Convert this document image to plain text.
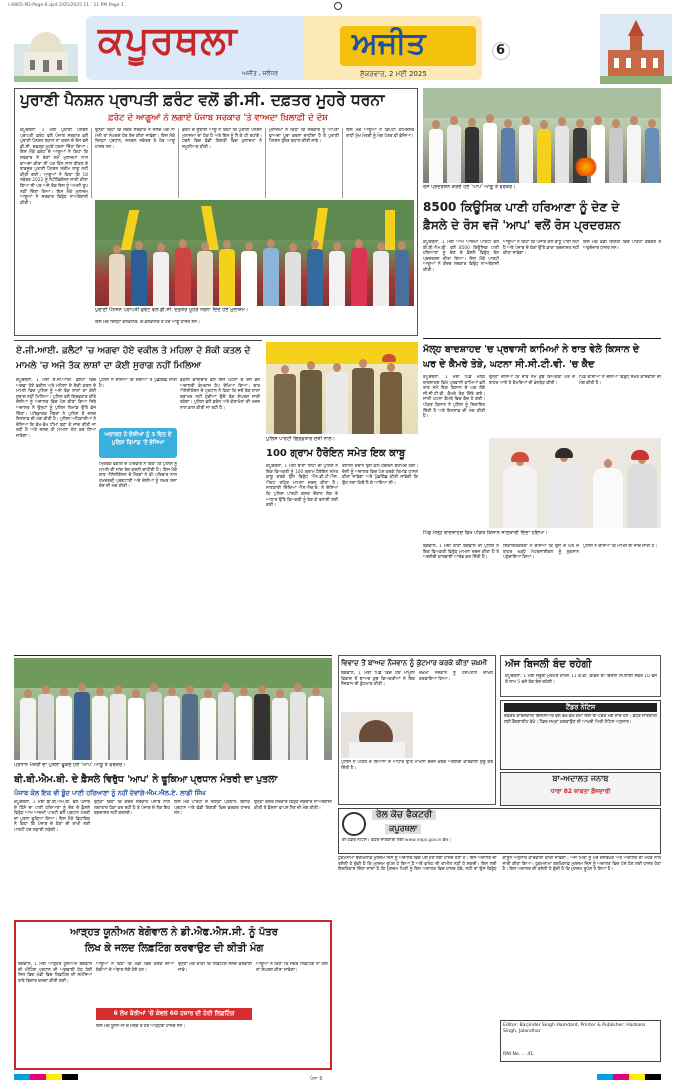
(-0805-PD-Page-6.qxd 2/05/2025 11 : 11 PM Page 1
ਕਪੂਰਥਲਾ	ਅਜੀਤ
ਅਜੀਤ , ਜਲੰਧਰ	ਸ਼ੁੱਕਰਵਾਰ, 2 ਮਈ 2025
6
ਪੁਰਾਣੀ ਪੈਨਸ਼ਨ ਪ੍ਰਾਪਤੀ ਫ਼ਰੰਟ ਵਲੋਂ ਡੀ.ਸੀ. ਦਫ਼ਤਰ ਮੂਹਰੇ ਧਰਨਾ
ਫ਼ਰੰਟ ਦੇ ਆਗੂਆਂ ਨੇ ਲਗਾਏ ਪੰਜਾਬ ਸਰਕਾਰ 'ਤੇ ਵਾਅਦਾ ਖ਼ਿਲਾਫ਼ੀ ਦੇ ਦੋਸ਼
ਕਪੂਰਥਲਾ, 1 ਮਈ ਪੁਰਾਣੀ ਪੈਨਸ਼ਨ ਪ੍ਰਾਪਤੀ ਫ਼ਰੰਟ ਵਲੋਂ ਪੰਜਾਬ ਸਰਕਾਰ ਵਲੋਂ ਪੁਰਾਣੀ ਪੈਨਸ਼ਨ ਬਹਾਲ ਨਾ ਕਰਨ ਦੇ ਰੋਸ ਵਜੋਂ ਡੀ.ਸੀ. ਦਫ਼ਤਰ ਮੂਹਰੇ ਧਰਨਾ ਦਿੱਤਾ ਗਿਆ। ਇਸ ਮੌਕੇ ਫ਼ਰੰਟ ਦੇ ਆਗੂਆਂ ਨੇ ਕਿਹਾ ਕਿ ਸਰਕਾਰ ਨੇ ਚੋਣਾਂ ਸਮੇਂ ਮੁਲਾਜ਼ਮਾਂ ਨਾਲ ਵਾਅਦਾ ਕੀਤਾ ਸੀ ਪਰ ਤਿੰਨ ਸਾਲ ਬੀਤਣ ਦੇ ਬਾਵਜੂਦ ਪੁਰਾਣੀ ਪੈਨਸ਼ਨ ਸਕੀਮ ਲਾਗੂ ਨਹੀਂ ਕੀਤੀ ਗਈ। ਆਗੂਆਂ ਨੇ ਕਿਹਾ ਕਿ 18 ਨਵੰਬਰ 2022 ਨੂੰ ਨੋਟੀਫ਼ਿਕੇਸ਼ਨ ਜਾਰੀ ਕੀਤਾ ਗਿਆ ਸੀ ਪਰ ਅਜੇ ਤੱਕ ਇਸ ਨੂੰ ਅਮਲੀ ਰੂਪ ਨਹੀਂ ਦਿੱਤਾ ਗਿਆ। ਇਸ ਮੌਕੇ ਮੁਲਾਜ਼ਮ ਆਗੂਆਂ ਨੇ ਸਰਕਾਰ ਵਿਰੁੱਧ ਨਾਅਰੇਬਾਜ਼ੀ ਕੀਤੀ।
ਉਨ੍ਹਾਂ ਕਿਹਾ ਕਿ ਜੇਕਰ ਸਰਕਾਰ ਨੇ ਜਲਦ ਮੰਗ ਨਾ ਮੰਨੀ ਤਾਂ ਸੰਘਰਸ਼ ਹੋਰ ਤੇਜ਼ ਕੀਤਾ ਜਾਵੇਗਾ। ਇਸ ਮੌਕੇ ਜ਼ਿਲ੍ਹਾ ਪ੍ਰਧਾਨ, ਜਨਰਲ ਸਕੱਤਰ ਤੇ ਹੋਰ ਆਗੂ ਹਾਜ਼ਰ ਸਨ।
ਫ਼ਰੰਟ ਦੇ ਸੂਬਾਈ ਆਗੂ ਨੇ ਕਿਹਾ ਕਿ ਪੁਰਾਣੀ ਪੈਨਸ਼ਨ ਮੁਲਾਜ਼ਮਾਂ ਦਾ ਹੱਕ ਹੈ ਅਤੇ ਇਸ ਨੂੰ ਲੈ ਕੇ ਹੀ ਰਹਾਂਗੇ। ਧਰਨੇ ਵਿਚ ਵੱਡੀ ਗਿਣਤੀ ਵਿਚ ਮੁਲਾਜ਼ਮਾਂ ਨੇ ਸ਼ਮੂਲੀਅਤ ਕੀਤੀ।
ਮੁਲਾਜ਼ਮਾਂ ਨੇ ਕਿਹਾ ਕਿ ਸਰਕਾਰ ਨੂੰ ਆਪਣਾ ਵਾਅਦਾ ਪੂਰਾ ਕਰਨਾ ਚਾਹੀਦਾ ਹੈ ਤੇ ਪੁਰਾਣੀ ਪੈਨਸ਼ਨ ਤੁਰੰਤ ਬਹਾਲ ਕੀਤੀ ਜਾਵੇ।
ਇਸ ਮੌਕੇ ਆਗੂਆਂ ਨੇ ਡਿਪਟੀ ਕਮਿਸ਼ਨਰ ਰਾਹੀਂ ਮੁੱਖ ਮੰਤਰੀ ਨੂੰ ਮੰਗ ਪੱਤਰ ਵੀ ਭੇਜਿਆ।
ਪੁਰਾਣੀ ਪੈਨਸ਼ਨ ਪ੍ਰਾਪਤੀ ਫ਼ਰੰਟ ਵਲੋਂ ਡੀ.ਸੀ. ਦਫ਼ਤਰ ਮੂਹਰੇ ਧਰਨਾ ਦਿੰਦੇ ਹੋਏ ਮੁਲਾਜ਼ਮ।
ਇਸ ਮੌਕੇ ਜ਼ਿਲ੍ਹਾ ਕਨਵੀਨਰ, ਕੋ-ਕਨਵੀਨਰ ਤੇ ਹੋਰ ਆਗੂ ਹਾਜ਼ਰ ਸਨ।
ਰੋਸ ਪ੍ਰਦਰਸ਼ਨ ਕਰਦੇ ਹੋਏ 'ਆਪ' ਆਗੂ ਤੇ ਵਰਕਰ।
8500 ਕਿਊਸਿਕ ਪਾਣੀ ਹਰਿਆਣਾ ਨੂੰ ਦੇਣ ਦੇ
ਫ਼ੈਸਲੇ ਦੇ ਰੋਸ ਵਜੋਂ 'ਆਪ' ਵਲੋਂ ਰੋਸ ਪ੍ਰਦਰਸ਼ਨ
ਕਪੂਰਥਲਾ, 1 ਮਈ ਆਮ ਆਦਮੀ ਪਾਰਟੀ ਵਲੋਂ ਬੀ.ਬੀ.ਐਮ.ਬੀ. ਵਲੋਂ 8500 ਕਿਊਸਿਕ ਪਾਣੀ ਹਰਿਆਣਾ ਨੂੰ ਦੇਣ ਦੇ ਫ਼ੈਸਲੇ ਵਿਰੁੱਧ ਰੋਸ ਪ੍ਰਦਰਸ਼ਨ ਕੀਤਾ ਗਿਆ। ਇਸ ਮੌਕੇ ਪਾਰਟੀ ਆਗੂਆਂ ਨੇ ਕੇਂਦਰ ਸਰਕਾਰ ਵਿਰੁੱਧ ਨਾਅਰੇਬਾਜ਼ੀ ਕੀਤੀ।
ਆਗੂਆਂ ਨੇ ਕਿਹਾ ਕਿ ਪੰਜਾਬ ਕੋਲ ਵਾਧੂ ਪਾਣੀ ਨਹੀਂ ਹੈ ਅਤੇ ਪੰਜਾਬ ਦੇ ਹੱਕਾਂ ਉੱਤੇ ਡਾਕਾ ਬਰਦਾਸ਼ਤ ਨਹੀਂ ਕੀਤਾ ਜਾਵੇਗਾ।
ਇਸ ਮੌਕੇ ਵੱਡੀ ਗਿਣਤੀ ਵਿਚ ਪਾਰਟੀ ਵਰਕਰ ਤੇ ਅਹੁਦੇਦਾਰ ਹਾਜ਼ਰ ਸਨ।
ਮੱਲ੍ਹ ਬਾਦਸ਼ਾਹਦ 'ਚ ਪ੍ਰਵਾਸੀ ਕਾਮਿਆਂ ਨੇ ਰਾਤ ਵੇਲੇ ਕਿਸਾਨ ਦੇ
ਘਰ ਦੇ ਕੈਮਰੇ ਤੋੜੇ, ਘਟਨਾ ਸੀ.ਸੀ.ਟੀ.ਵੀ. 'ਚ ਕੈਦ
ਕਪੂਰਥਲਾ, 1 ਮਈ ਪਿੰਡ ਮੱਲ੍ਹ ਬਾਦਸ਼ਾਹਦ ਵਿਖੇ ਪ੍ਰਵਾਸੀ ਕਾਮਿਆਂ ਵਲੋਂ ਰਾਤ ਸਮੇਂ ਇਕ ਕਿਸਾਨ ਦੇ ਘਰ ਲੱਗੇ ਸੀ.ਸੀ.ਟੀ.ਵੀ. ਕੈਮਰੇ ਤੋੜ ਦਿੱਤੇ ਗਏ। ਸਾਰੀ ਘਟਨਾ ਕੈਮਰੇ ਵਿਚ ਕੈਦ ਹੋ ਗਈ। ਪੀੜਤ ਕਿਸਾਨ ਨੇ ਪੁਲਿਸ ਨੂੰ ਸ਼ਿਕਾਇਤ ਦਿੱਤੀ ਹੈ ਅਤੇ ਇਨਸਾਫ਼ ਦੀ ਮੰਗ ਕੀਤੀ ਹੈ।
ਉਨ੍ਹਾਂ ਦੱਸਿਆ ਕਿ ਰਾਤ ਸਮੇਂ ਕੁਝ ਵਿਅਕਤੀ ਘਰ ਦੇ ਬਾਹਰ ਆਏ ਤੇ ਕੈਮਰਿਆਂ ਦੀ ਭੰਨਤੋੜ ਕੀਤੀ।
ਪਿੰਡ ਵਾਸੀਆਂ ਨੇ ਦੋਸ਼ੀਆਂ ਵਿਰੁੱਧ ਸਖ਼ਤ ਕਾਰਵਾਈ ਦੀ ਮੰਗ ਕੀਤੀ ਹੈ।
ਪਿੰਡ ਮੱਲ੍ਹ ਬਾਦਸ਼ਾਹਦ ਵਿਖੇ ਪੀੜਤ ਕਿਸਾਨ ਜਾਣਕਾਰੀ ਦਿੰਦਾ ਹੋਇਆ।
ਬੇਗੋਵਾਲ, 1 ਮਈ ਥਾਣਾ ਬੇਗੋਵਾਲ ਦੀ ਪੁਲਿਸ ਨੇ ਇਕ ਵਿਅਕਤੀ ਵਿਰੁੱਧ ਮਾਮਲਾ ਦਰਜ ਕੀਤਾ ਹੈ ਤੇ ਅਗਲੇਰੀ ਕਾਰਵਾਈ ਆਰੰਭ ਕਰ ਦਿੱਤੀ ਹੈ।
ਸ਼ਿਕਾਇਤਕਰਤਾ ਨੇ ਦੱਸਿਆ ਕਿ ਉਸ ਦੇ ਘਰ ਦੇ ਬਾਹਰ ਖੜ੍ਹੇ ਮੋਟਰਸਾਈਕਲ ਨੂੰ ਨੁਕਸਾਨ ਪਹੁੰਚਾਇਆ ਗਿਆ।
ਪੁਲਿਸ ਨੇ ਦੱਸਿਆ ਕਿ ਮਾਮਲੇ ਦੀ ਜਾਂਚ ਜਾਰੀ ਹੈ।
ਏ.ਜੀ.ਆਈ. ਫ਼ਲੈਟਾਂ 'ਚ ਅਗਵਾ ਹੋਏ ਵਕੀਲ ਤੇ ਮਹਿਲਾ ਦੇ ਸ਼ੱਕੀ ਕਤਲ ਦੇ
ਮਾਮਲੇ 'ਚ ਅਜੇ ਤੱਕ ਲਾਸ਼ਾਂ ਦਾ ਕੋਈ ਸੁਰਾਗ ਨਹੀਂ ਮਿਲਿਆ
ਕਪੂਰਥਲਾ, 1 ਮਈ ਏ.ਜੀ.ਆਈ. ਫ਼ਲੈਟਾਂ ਵਿਚੋਂ ਅਗਵਾ ਹੋਏ ਵਕੀਲ ਅਤੇ ਮਹਿਲਾ ਦੇ ਸ਼ੱਕੀ ਕਤਲ ਦੇ ਮਾਮਲੇ ਵਿਚ ਪੁਲਿਸ ਨੂੰ ਅਜੇ ਤੱਕ ਲਾਸ਼ਾਂ ਦਾ ਕੋਈ ਸੁਰਾਗ ਨਹੀਂ ਮਿਲਿਆ। ਪੁਲਿਸ ਵਲੋਂ ਗ੍ਰਿਫ਼ਤਾਰ ਕੀਤੇ ਦੋਸ਼ੀਆਂ ਨੂੰ ਅਦਾਲਤ ਵਿਚ ਪੇਸ਼ ਕੀਤਾ ਗਿਆ ਜਿਥੇ ਅਦਾਲਤ ਨੇ ਉਨ੍ਹਾਂ ਨੂੰ ਪੁਲਿਸ ਰਿਮਾਂਡ ਉੱਤੇ ਭੇਜ ਦਿੱਤਾ। ਪਰਿਵਾਰਕ ਮੈਂਬਰਾਂ ਨੇ ਪੁਲਿਸ ਤੋਂ ਜਲਦ ਇਨਸਾਫ਼ ਦੀ ਮੰਗ ਕੀਤੀ ਹੈ। ਪੁਲਿਸ ਅਧਿਕਾਰੀਆਂ ਨੇ ਦੱਸਿਆ ਕਿ ਵੱਖ-ਵੱਖ ਟੀਮਾਂ ਬਣਾ ਕੇ ਜਾਂਚ ਕੀਤੀ ਜਾ ਰਹੀ ਹੈ ਅਤੇ ਜਲਦ ਹੀ ਮਾਮਲਾ ਹੱਲ ਕਰ ਲਿਆ ਜਾਵੇਗਾ।
ਪੁਲਿਸ ਨੇ ਦੱਸਿਆ ਕਿ ਦੋਸ਼ੀਆਂ ਤੋਂ ਪੁੱਛਗਿੱਛ ਜਾਰੀ ਹੈ।
ਅਦਾਲਤ ਨੇ ਦੋਸ਼ੀਆਂ ਨੂੰ 3 ਦਿਨ ਦੇ ਪੁਲਿਸ ਰਿਮਾਂਡ 'ਤੇ ਭੇਜਿਆ
ਮ੍ਰਿਤਕ ਵਕੀਲ ਦੇ ਪਰਿਵਾਰ ਨੇ ਕਿਹਾ ਕਿ ਪੁਲਿਸ ਨੂੰ ਮਾਮਲੇ ਦੀ ਜਾਂਚ ਤੇਜ਼ ਕਰਨੀ ਚਾਹੀਦੀ ਹੈ। ਇਸ ਮੌਕੇ ਬਾਰ ਐਸੋਸੀਏਸ਼ਨ ਦੇ ਮੈਂਬਰਾਂ ਨੇ ਵੀ ਪਰਿਵਾਰ ਨਾਲ ਹਮਦਰਦੀ ਪ੍ਰਗਟਾਈ ਅਤੇ ਦੋਸ਼ੀਆਂ ਨੂੰ ਸਖ਼ਤ ਸਜ਼ਾ ਦੇਣ ਦੀ ਮੰਗ ਕੀਤੀ।
ਵਕੀਲ ਭਾਈਚਾਰੇ ਵਲੋਂ ਇਸ ਘਟਨਾ ਦੇ ਰੋਸ ਵਜੋਂ ਅਦਾਲਤੀ ਕੰਮਕਾਜ ਠੱਪ ਰੱਖਿਆ ਗਿਆ। ਬਾਰ ਐਸੋਸੀਏਸ਼ਨ ਦੇ ਪ੍ਰਧਾਨ ਨੇ ਕਿਹਾ ਕਿ ਜਦੋਂ ਤੱਕ ਲਾਸ਼ਾਂ ਬਰਾਮਦ ਨਹੀਂ ਹੁੰਦੀਆਂ ਉਦੋਂ ਤੱਕ ਸੰਘਰਸ਼ ਜਾਰੀ ਰਹੇਗਾ। ਪੁਲਿਸ ਵਲੋਂ ਡਰੋਨ ਅਤੇ ਗੋਤਾਖੋਰਾਂ ਦੀ ਮਦਦ ਨਾਲ ਭਾਲ ਕੀਤੀ ਜਾ ਰਹੀ ਹੈ।
ਪੁਲਿਸ ਪਾਰਟੀ ਗ੍ਰਿਫ਼ਤਾਰ ਦੋਸ਼ੀ ਨਾਲ।
100 ਗ੍ਰਾਮ ਹੈਰੋਇਨ ਸਮੇਤ ਇਕ ਕਾਬੂ
ਕਪੂਰਥਲਾ, 1 ਮਈ ਥਾਣਾ ਸਿਟੀ ਦੀ ਪੁਲਿਸ ਨੇ ਇਕ ਵਿਅਕਤੀ ਨੂੰ 100 ਗ੍ਰਾਮ ਹੈਰੋਇਨ ਸਮੇਤ ਕਾਬੂ ਕਰਕੇ ਉਸ ਵਿਰੁੱਧ ਐਨ.ਡੀ.ਪੀ.ਐਸ. ਐਕਟ ਤਹਿਤ ਮਾਮਲਾ ਦਰਜ ਕੀਤਾ ਹੈ। ਜਾਣਕਾਰੀ ਦਿੰਦਿਆਂ ਐਸ.ਐਚ.ਓ. ਨੇ ਦੱਸਿਆ ਕਿ ਪੁਲਿਸ ਪਾਰਟੀ ਗਸ਼ਤ ਦੌਰਾਨ ਸ਼ੱਕ ਦੇ ਆਧਾਰ ਉੱਤੇ ਵਿਅਕਤੀ ਨੂੰ ਰੋਕ ਕੇ ਤਲਾਸ਼ੀ ਲਈ ਗਈ।
ਤਲਾਸ਼ੀ ਦੌਰਾਨ ਉਸ ਕੋਲੋਂ ਹੈਰੋਇਨ ਬਰਾਮਦ ਹੋਈ। ਦੋਸ਼ੀ ਨੂੰ ਅਦਾਲਤ ਵਿਚ ਪੇਸ਼ ਕਰਕੇ ਰਿਮਾਂਡ ਹਾਸਲ ਕੀਤਾ ਜਾਵੇਗਾ ਅਤੇ ਪੁੱਛਗਿੱਛ ਕੀਤੀ ਜਾਵੇਗੀ ਕਿ ਉਹ ਨਸ਼ਾ ਕਿਥੋਂ ਲੈ ਕੇ ਆਇਆ ਸੀ।
ਪ੍ਰਧਾਨ ਮੰਤਰੀ ਦਾ ਪੁਤਲਾ ਫੂਕਦੇ ਹੋਏ 'ਆਪ' ਆਗੂ ਤੇ ਵਰਕਰ।
ਬੀ.ਬੀ.ਐਮ.ਬੀ. ਦੇ ਫ਼ੈਸਲੇ ਵਿਰੁੱਧ 'ਆਪ' ਨੇ ਫੂਕਿਆ ਪ੍ਰਧਾਨ ਮੰਤਰੀ ਦਾ ਪੁਤਲਾ
ਪੰਜਾਬ ਕੋਲ ਇਕ ਵੀ ਬੂੰਦ ਪਾਣੀ ਹਰਿਆਣਾ ਨੂੰ ਨਹੀਂ ਦੇਵਾਂਗੇ-ਐਮ.ਐਲ.ਏ. ਲਾਡੀ ਸਿੰਘ
ਕਪੂਰਥਲਾ, 1 ਮਈ ਬੀ.ਬੀ.ਐਮ.ਬੀ. ਵਲੋਂ ਪੰਜਾਬ ਦੇ ਹਿੱਸੇ ਦਾ ਪਾਣੀ ਹਰਿਆਣਾ ਨੂੰ ਦੇਣ ਦੇ ਫ਼ੈਸਲੇ ਵਿਰੁੱਧ ਆਮ ਆਦਮੀ ਪਾਰਟੀ ਵਲੋਂ ਪ੍ਰਧਾਨ ਮੰਤਰੀ ਦਾ ਪੁਤਲਾ ਫੂਕਿਆ ਗਿਆ। ਇਸ ਮੌਕੇ ਵਿਧਾਇਕ ਨੇ ਕਿਹਾ ਕਿ ਪੰਜਾਬ ਦੇ ਹੱਕਾਂ ਦੀ ਰਾਖੀ ਲਈ ਪਾਰਟੀ ਹਰ ਲੜਾਈ ਲੜੇਗੀ।
ਉਨ੍ਹਾਂ ਕਿਹਾ ਕਿ ਕੇਂਦਰ ਸਰਕਾਰ ਪੰਜਾਬ ਨਾਲ ਲਗਾਤਾਰ ਧੱਕਾ ਕਰ ਰਹੀ ਹੈ ਤੇ ਪੰਜਾਬ ਦੇ ਲੋਕ ਇਹ ਬਰਦਾਸ਼ਤ ਨਹੀਂ ਕਰਨਗੇ।
ਇਸ ਮੌਕੇ ਪਾਰਟੀ ਦੇ ਜ਼ਿਲ੍ਹਾ ਪ੍ਰਧਾਨ, ਬਲਾਕ ਪ੍ਰਧਾਨ ਅਤੇ ਵੱਡੀ ਗਿਣਤੀ ਵਿਚ ਵਰਕਰ ਹਾਜ਼ਰ ਸਨ।
ਉਨ੍ਹਾਂ ਕੇਂਦਰ ਸਰਕਾਰ ਵਿਰੁੱਧ ਜ਼ੋਰਦਾਰ ਨਾਅਰੇਬਾਜ਼ੀ ਕੀਤੀ ਤੇ ਫ਼ੈਸਲਾ ਵਾਪਸ ਲੈਣ ਦੀ ਮੰਗ ਕੀਤੀ।
ਆੜ੍ਹਤ ਯੂਨੀਅਨ ਬੇਗੋਵਾਲ ਨੇ ਡੀ.ਐਫ.ਐਸ.ਸੀ. ਨੂੰ ਪੱਤਰ
ਲਿਖ ਕੇ ਜਲਦ ਲਿਫ਼ਟਿੰਗ ਕਰਵਾਉਣ ਦੀ ਕੀਤੀ ਮੰਗ
ਬੇਗੋਵਾਲ, 1 ਮਈ ਆੜ੍ਹਤ ਯੂਨੀਅਨ ਬੇਗੋਵਾਲ ਦੀ ਮੀਟਿੰਗ ਪ੍ਰਧਾਨ ਦੀ ਅਗਵਾਈ ਹੇਠ ਹੋਈ ਜਿਸ ਵਿਚ ਮੰਡੀ ਵਿਚ ਲਿਫ਼ਟਿੰਗ ਦੀ ਸਮੱਸਿਆ ਬਾਰੇ ਵਿਚਾਰ ਚਰਚਾ ਕੀਤੀ ਗਈ।
ਆਗੂਆਂ ਨੇ ਕਿਹਾ ਕਿ ਮੰਡੀ ਵਿਚ ਕਣਕ ਦੀਆਂ ਬੋਰੀਆਂ ਦੇ ਅੰਬਾਰ ਲੱਗੇ ਹੋਏ ਹਨ।
6 ਲੱਖ ਬੋਰੀਆਂ 'ਚੋਂ ਕੇਵਲ 60 ਹਜ਼ਾਰ ਦੀ ਹੋਈ ਲਿਫ਼ਟਿੰਗ
ਉਨ੍ਹਾਂ ਮੰਗ ਕੀਤੀ ਕਿ ਲਿਫ਼ਟਿੰਗ ਜਲਦ ਕਰਵਾਈ ਜਾਵੇ।
ਇਸ ਮੌਕੇ ਯੂਨੀਅਨ ਦੇ ਮੈਂਬਰ ਤੇ ਹੋਰ ਆੜ੍ਹਤੀ ਹਾਜ਼ਰ ਸਨ।
ਆਗੂਆਂ ਨੇ ਕਿਹਾ ਕਿ ਜੇਕਰ ਲਿਫ਼ਟਿੰਗ ਨਾ ਹੋਈ ਤਾਂ ਸੰਘਰਸ਼ ਕੀਤਾ ਜਾਵੇਗਾ।
ਵਿਵਾਦ ਤੋਂ ਬਾਅਦ ਨੌਜਵਾਨ ਨੂੰ ਕੁੱਟਮਾਰ ਕਰਕੇ ਕੀਤਾ ਜ਼ਖ਼ਮੀ
ਬੇਗੋਵਾਲ, 1 ਮਈ ਪਿੰਡ ਵਿਚ ਹੋਏ ਮਾਮੂਲੀ ਵਿਵਾਦ ਤੋਂ ਬਾਅਦ ਕੁਝ ਵਿਅਕਤੀਆਂ ਨੇ ਇਕ ਨੌਜਵਾਨ ਦੀ ਕੁੱਟਮਾਰ ਕੀਤੀ।
ਜ਼ਖ਼ਮੀ ਨੌਜਵਾਨ ਨੂੰ ਹਸਪਤਾਲ ਦਾਖ਼ਲ ਕਰਵਾਇਆ ਗਿਆ।
ਪੁਲਿਸ ਨੇ ਪੀੜਤ ਦੇ ਬਿਆਨਾਂ ਦੇ ਆਧਾਰ ਉੱਤੇ ਮਾਮਲਾ ਦਰਜ ਕਰਕੇ ਅਗਲੇਰੀ ਕਾਰਵਾਈ ਸ਼ੁਰੂ ਕਰ ਦਿੱਤੀ ਹੈ।
ਅੱਜ ਬਿਜਲੀ ਬੰਦ ਰਹੇਗੀ
ਕਪੂਰਥਲਾ, 1 ਮਈ ਜ਼ਰੂਰੀ ਮੁਰੰਮਤ ਕਾਰਨ 11 ਕੇ.ਵੀ. ਫੀਡਰ ਦੀ ਬਿਜਲੀ ਸਪਲਾਈ ਸਵੇਰੇ 10 ਵਜੇ ਤੋਂ ਸ਼ਾਮ 5 ਵਜੇ ਤੱਕ ਬੰਦ ਰਹੇਗੀ।
ਟੈਂਡਰ ਨੋਟਿਸ
ਦਫ਼ਤਰ ਕਾਰਜਕਾਰੀ ਇੰਜੀਨੀਅਰ ਵਲੋਂ ਵੱਖ-ਵੱਖ ਕੰਮਾਂ ਲਈ ਈ-ਟੈਂਡਰ ਮੰਗੇ ਜਾਂਦੇ ਹਨ। ਵਧੇਰੇ ਜਾਣਕਾਰੀ ਲਈ ਵੈੱਬਸਾਈਟ ਵੇਖੋ। ਟੈਂਡਰ ਜਮ੍ਹਾਂ ਕਰਵਾਉਣ ਦੀ ਆਖ਼ਰੀ ਮਿਤੀ ਨੋਟਿਸ ਅਨੁਸਾਰ।
ਰੇਲ ਕੋਚ ਫੈਕਟਰੀ
ਕਪੂਰਥਲਾ
ਈ-ਟੈਂਡਰ ਨੋਟਿਸ। ਵਧੇਰੇ ਜਾਣਕਾਰੀ ਲਈ www.ireps.gov.in ਵੇਖੋ।
ਬਾ-ਅਦਾਲਤ ਜਨਾਬ
ਧਾਰਾ 82 ਜ਼ਾਬਤਾ ਫ਼ੌਜਦਾਰੀ
ਹੁਕਮਨਾਮਾ ਬਰਖ਼ਿਲਾਫ਼ ਮੁਲਜ਼ਮ ਜਿਸ ਨੂੰ ਅਦਾਲਤ ਵਿਚ ਪੇਸ਼ ਹੋਣ ਲਈ ਹਾਜ਼ਰ ਹੋਣਾ ਹੈ। ਇਸ ਅਦਾਲਤ ਦੀ ਤਸੱਲੀ ਹੋ ਚੁੱਕੀ ਹੈ ਕਿ ਮੁਲਜ਼ਮ ਰੂਪੋਸ਼ ਹੋ ਗਿਆ ਹੈ ਅਤੇ ਵਾਰੰਟ ਦੀ ਤਾਮੀਲ ਨਹੀਂ ਹੋ ਸਕਦੀ। ਇਸ ਲਈ ਇਸ਼ਤਿਹਾਰ ਦਿੱਤਾ ਜਾਂਦਾ ਹੈ ਕਿ ਮੁਲਜ਼ਮ ਮਿਤੀ ਨੂੰ ਇਸ ਅਦਾਲਤ ਵਿਚ ਹਾਜ਼ਰ ਹੋਵੇ, ਨਹੀਂ ਤਾਂ ਉਸ ਵਿਰੁੱਧ ਕਾਨੂੰਨ ਅਨੁਸਾਰ ਕਾਰਵਾਈ ਕੀਤੀ ਜਾਵੇਗੀ। ਅੱਜ ਮਿਤੀ ਨੂੰ ਮੇਰੇ ਦਸਤਖ਼ਤ ਅਤੇ ਅਦਾਲਤ ਦੀ ਮੋਹਰ ਨਾਲ ਜਾਰੀ ਕੀਤਾ ਗਿਆ। ਹੁਕਮਨਾਮਾ ਬਰਖ਼ਿਲਾਫ਼ ਮੁਲਜ਼ਮ ਜਿਸ ਨੂੰ ਅਦਾਲਤ ਵਿਚ ਪੇਸ਼ ਹੋਣ ਲਈ ਹਾਜ਼ਰ ਹੋਣਾ ਹੈ। ਇਸ ਅਦਾਲਤ ਦੀ ਤਸੱਲੀ ਹੋ ਚੁੱਕੀ ਹੈ ਕਿ ਮੁਲਜ਼ਮ ਰੂਪੋਸ਼ ਹੋ ਗਿਆ ਹੈ।
Editor: Barjinder Singh Hamdard, Printer & Publisher: Harbans Singh, Jalandhar
RNI No. ... 41
ਪੰਨਾ 6
